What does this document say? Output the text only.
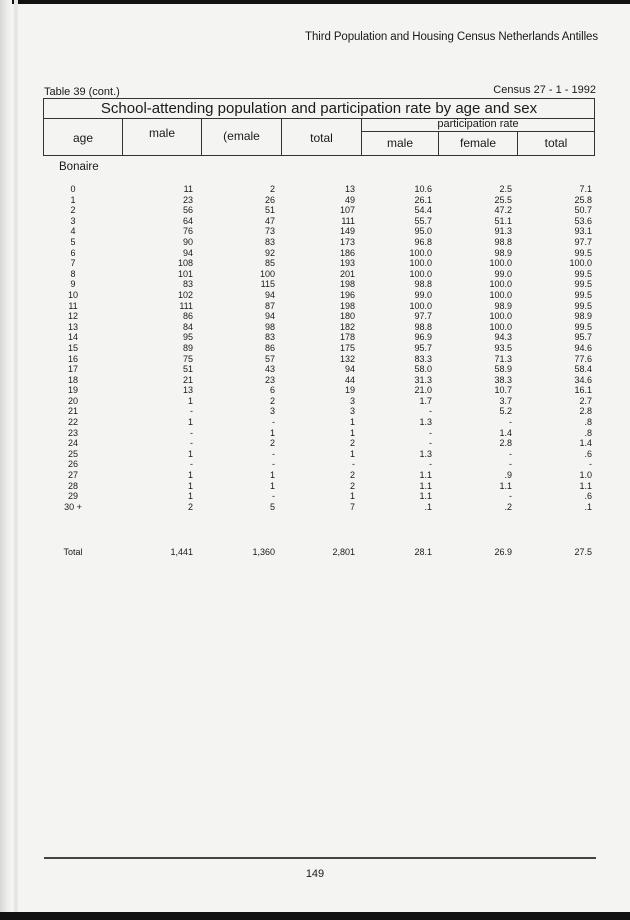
Third Population and Housing Census Netherlands Antilles
Table 39 (cont.)	Census 27 - 1 - 1992
School-attending population and participation rate by age and sex
age	male	(emale	total
participation rate
male	female	total
Bonaire
0	11	2	13	10.6	2.5	7.1
1	23	26	49	26.1	25.5	25.8
2	56	51	107	54.4	47.2	50.7
3	64	47	111	55.7	51.1	53.6
4	76	73	149	95.0	91.3	93.1
5	90	83	173	96.8	98.8	97.7
6	94	92	186	100.0	98.9	99.5
7	108	85	193	100.0	100.0	100.0
8	101	100	201	100.0	99.0	99.5
9	83	115	198	98.8	100.0	99.5
10	102	94	196	99.0	100.0	99.5
11	111	87	198	100.0	98.9	99.5
12	86	94	180	97.7	100.0	98.9
13	84	98	182	98.8	100.0	99.5
14	95	83	178	96.9	94.3	95.7
15	89	86	175	95.7	93.5	94.6
16	75	57	132	83.3	71.3	77.6
17	51	43	94	58.0	58.9	58.4
18	21	23	44	31.3	38.3	34.6
19	13	6	19	21.0	10.7	16.1
20	1	2	3	1.7	3.7	2.7
21	-	3	3	-	5.2	2.8
22	1	-	1	1.3	-	.8
23	-	1	1	-	1.4	.8
24	-	2	2	-	2.8	1.4
25	1	-	1	1.3	-	.6
26	-	-	-	-	-	-
27	1	1	2	1.1	.9	1.0
28	1	1	2	1.1	1.1	1.1
29	1	-	1	1.1	-	.6
30 +	2	5	7	.1	.2	.1
Total	1,441	1,360	2,801	28.1	26.9	27.5
149
